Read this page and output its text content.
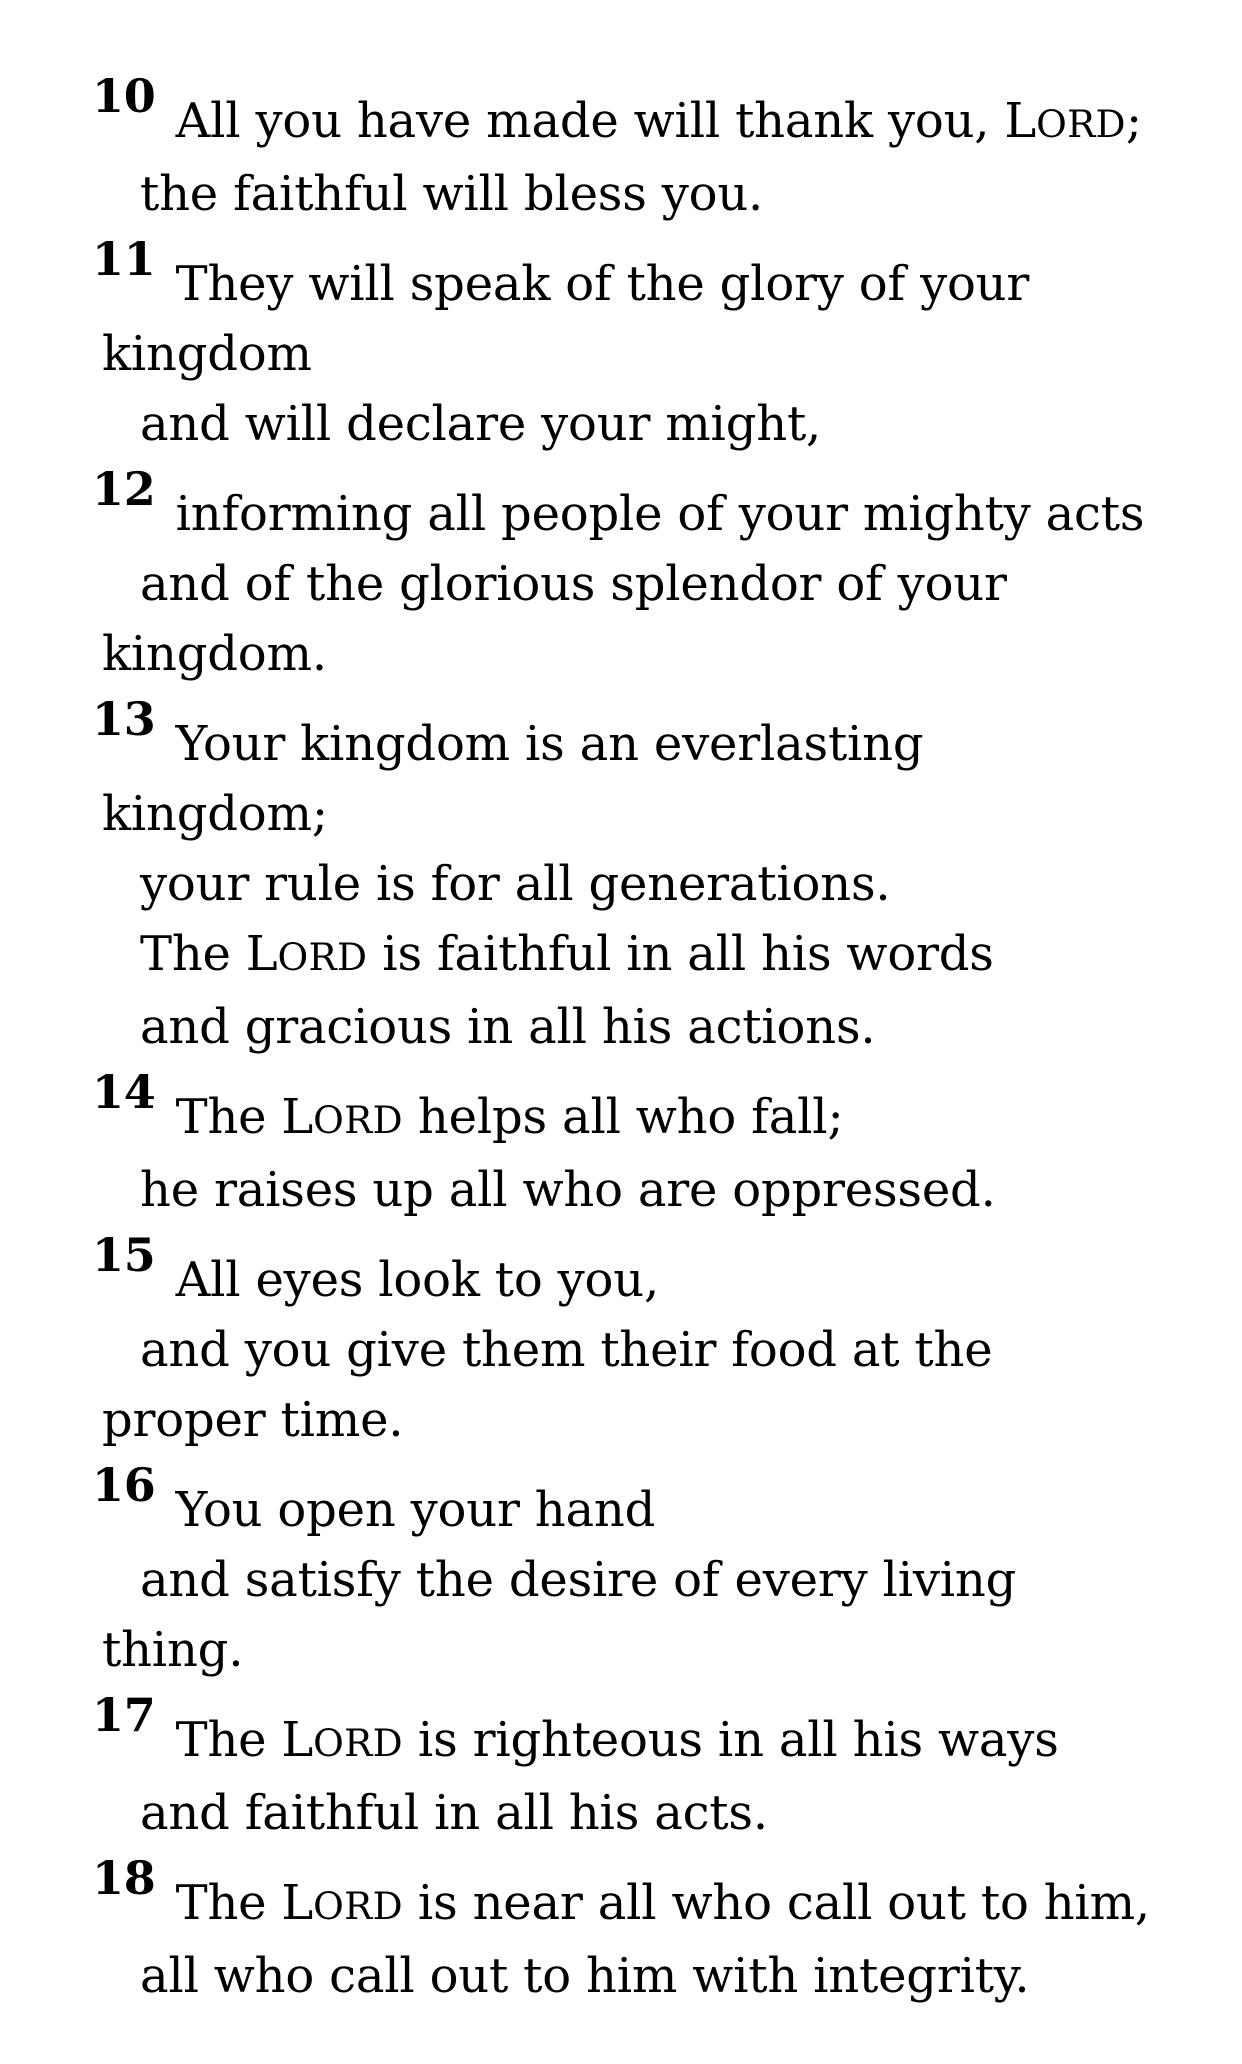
10 All you have made will thank you, LORD;
the faithful will bless you.
11 They will speak of the glory of your
kingdom
and will declare your might,
12 informing all people of your mighty acts
and of the glorious splendor of your
kingdom.
13 Your kingdom is an everlasting
kingdom;
your rule is for all generations.
The LORD is faithful in all his words
and gracious in all his actions.
14 The LORD helps all who fall;
he raises up all who are oppressed.
15 All eyes look to you,
and you give them their food at the
proper time.
16 You open your hand
and satisfy the desire of every living
thing.
17 The LORD is righteous in all his ways
and faithful in all his acts.
18 The LORD is near all who call out to him,
all who call out to him with integrity.
